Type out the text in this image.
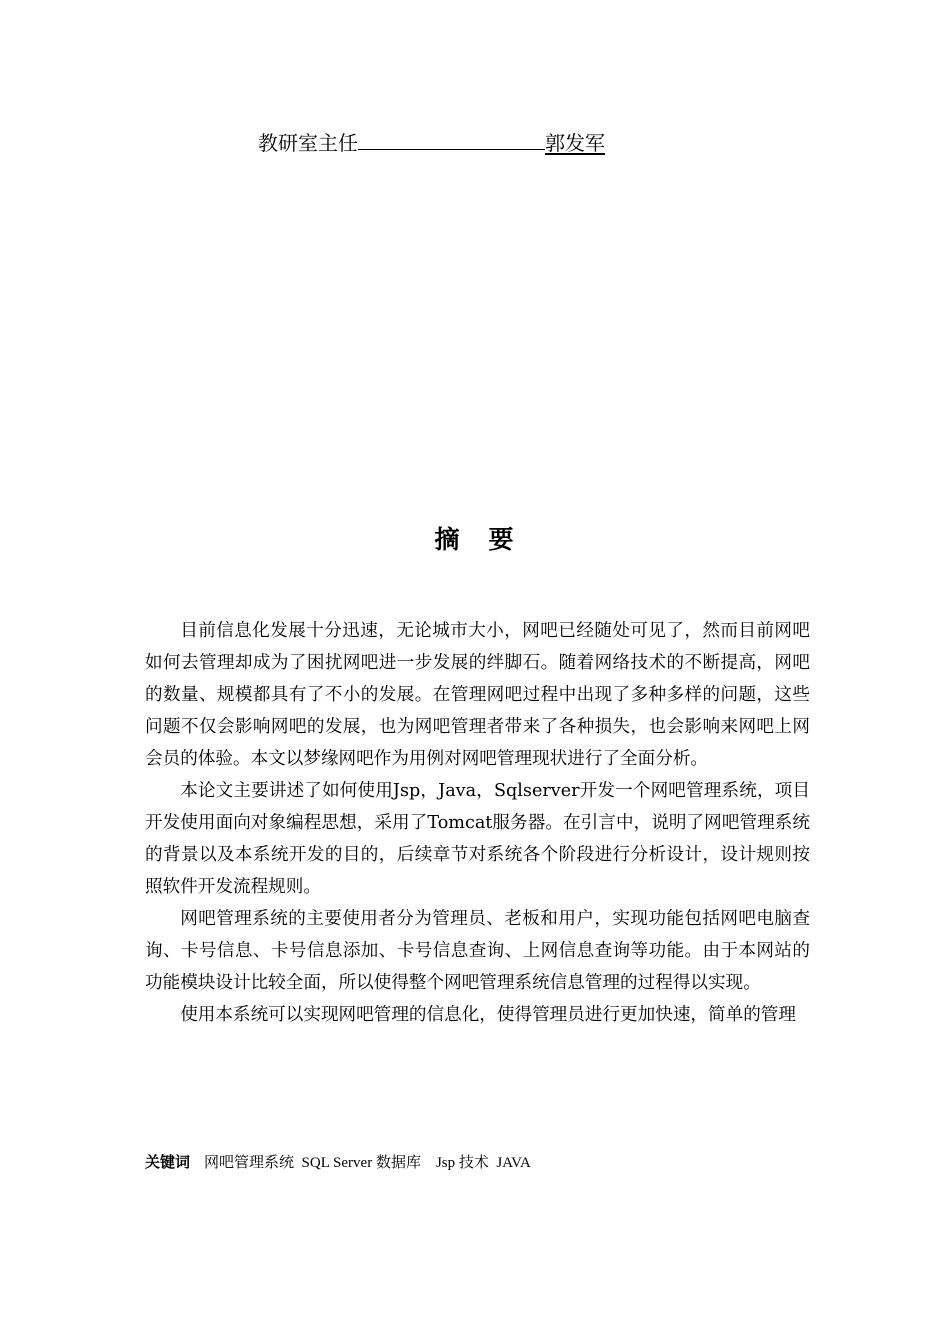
教研室主任	郭发军
摘　要

目前信息化发展十分迅速，无论城市大小，网吧已经随处可见了，然而目前网吧如何去管理却成为了困扰网吧进一步发展的绊脚石。随着网络技术的不断提高，网吧的数量、规模都具有了不小的发展。在管理网吧过程中出现了多种多样的问题，这些问题不仅会影响网吧的发展，也为网吧管理者带来了各种损失，也会影响来网吧上网会员的体验。本文以梦缘网吧作为用例对网吧管理现状进行了全面分析。

本论文主要讲述了如何使用Jsp，Java，Sqlserver开发一个网吧管理系统，项目开发使用面向对象编程思想，采用了Tomcat服务器。在引言中，说明了网吧管理系统的背景以及本系统开发的目的，后续章节对系统各个阶段进行分析设计，设计规则按照软件开发流程规则。

网吧管理系统的主要使用者分为管理员、老板和用户，实现功能包括网吧电脑查询、卡号信息、卡号信息添加、卡号信息查询、上网信息查询等功能。由于本网站的功能模块设计比较全面，所以使得整个网吧管理系统信息管理的过程得以实现。

使用本系统可以实现网吧管理的信息化，使得管理员进行更加快速，简单的管理

关键词 网吧管理系统  SQL Server 数据库    Jsp 技术  JAVA
